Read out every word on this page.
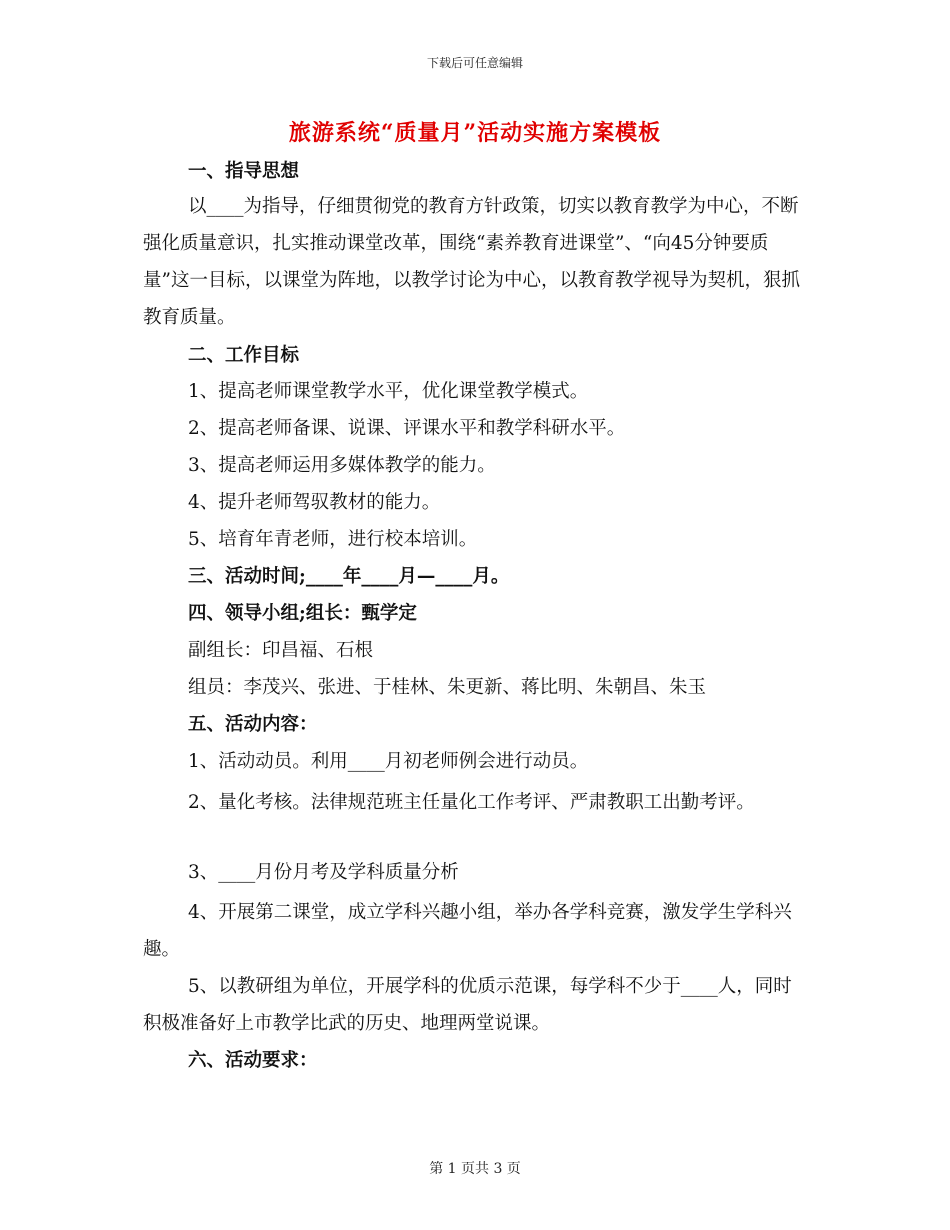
下载后可任意编辑
旅游系统“质量月”活动实施方案模板
一、指导思想
以____为指导，仔细贯彻党的教育方针政策，切实以教育教学为中心，不断强化质量意识，扎实推动课堂改革，围绕“素养教育进课堂”、“向45分钟要质量”这一目标，以课堂为阵地，以教学讨论为中心，以教育教学视导为契机，狠抓教育质量。
二、工作目标
1、提高老师课堂教学水平，优化课堂教学模式。
2、提高老师备课、说课、评课水平和教学科研水平。
3、提高老师运用多媒体教学的能力。
4、提升老师驾驭教材的能力。
5、培育年青老师，进行校本培训。
三、活动时间;____年____月—____月。
四、领导小组;组长：甄学定
副组长：印昌福、石根
组员：李茂兴、张进、于桂林、朱更新、蒋比明、朱朝昌、朱玉
五、活动内容：
1、活动动员。利用____月初老师例会进行动员。
2、量化考核。法律规范班主任量化工作考评、严肃教职工出勤考评。
3、____月份月考及学科质量分析
4、开展第二课堂，成立学科兴趣小组，举办各学科竞赛，激发学生学科兴趣。
5、以教研组为单位，开展学科的优质示范课，每学科不少于____人，同时积极准备好上市教学比武的历史、地理两堂说课。
六、活动要求：
第 1 页共 3 页
